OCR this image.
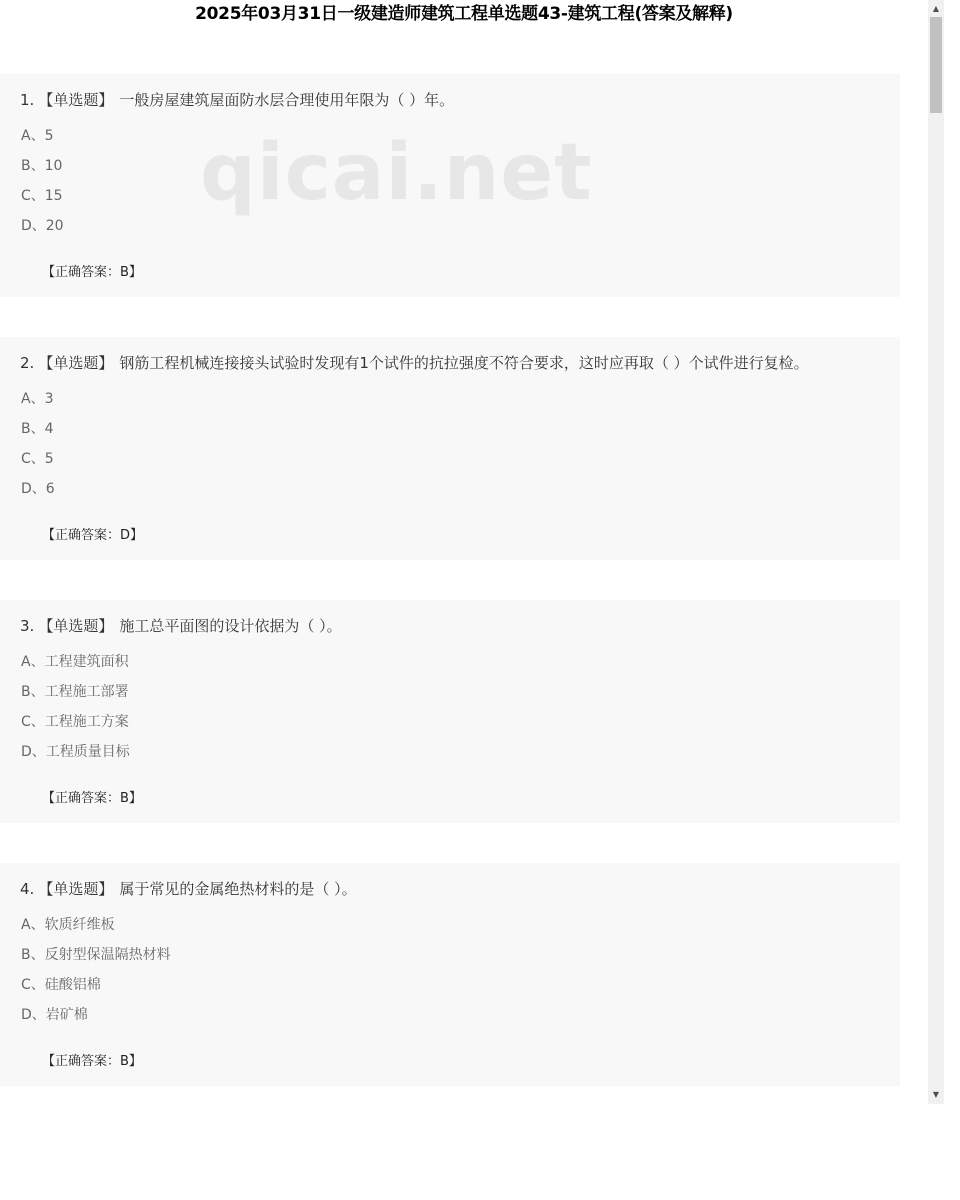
2025年03月31日一级建造师建筑工程单选题43-建筑工程(答案及解释)
1. 【单选题】 一般房屋建筑屋面防水层合理使用年限为（ ）年。
A、5
B、10
C、15
D、20
【正确答案：B】
2. 【单选题】 钢筋工程机械连接接头试验时发现有1个试件的抗拉强度不符合要求，这时应再取（ ）个试件进行复检。
A、3
B、4
C、5
D、6
【正确答案：D】
3. 【单选题】 施工总平面图的设计依据为（ ）。
A、工程建筑面积
B、工程施工部署
C、工程施工方案
D、工程质量目标
【正确答案：B】
4. 【单选题】 属于常见的金属绝热材料的是（ ）。
A、软质纤维板
B、反射型保温隔热材料
C、硅酸铝棉
D、岩矿棉
【正确答案：B】
qicai.net
▲
▼
